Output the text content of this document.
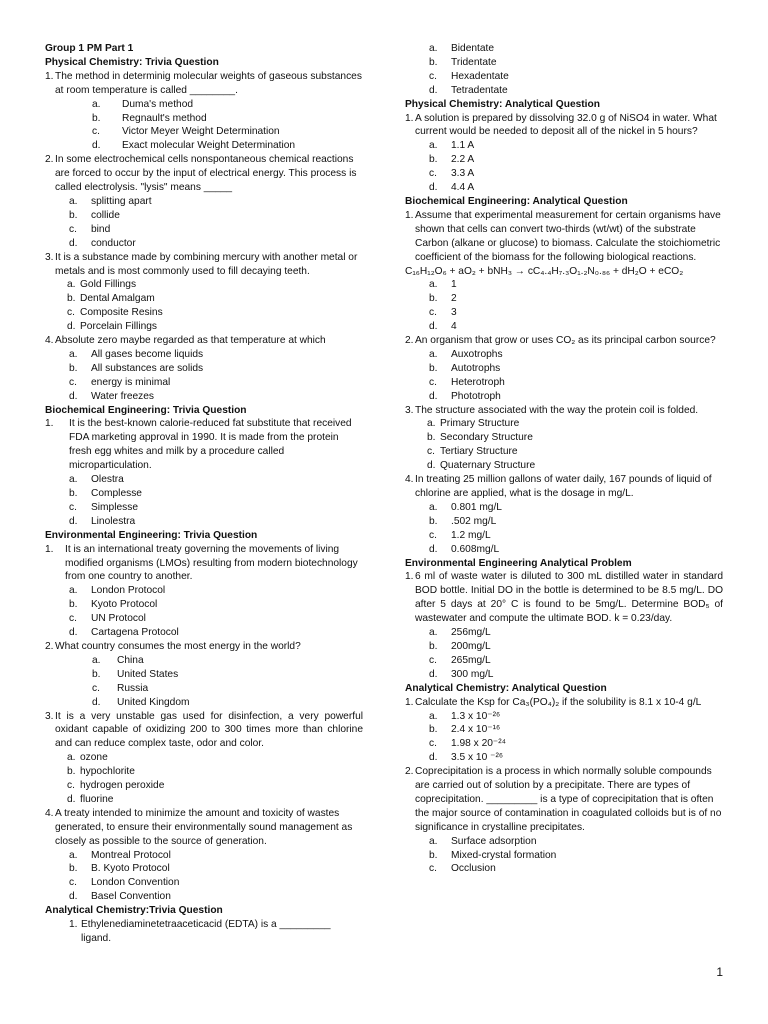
Group 1 PM Part 1
Physical Chemistry: Trivia Question
1. The method in determinig molecular weights of gaseous substances at room temperature is called ________.
a.	Duma's method
b.	Regnault's method
c.	Victor Meyer Weight Determination
d.	Exact molecular Weight Determination
2. In some electrochemical cells nonspontaneous chemical reactions are forced to occur by the input of electrical energy. This process is called electrolysis. "lysis" means _____
a.	splitting apart
b.	collide
c.	bind
d.	conductor
3. It is a substance made by combining mercury with another metal or metals and is most commonly used to fill decaying teeth.
a. Gold Fillings
b. Dental Amalgam
c. Composite Resins
d. Porcelain Fillings
4. Absolute zero maybe regarded as that temperature at which
a.	All gases become liquids
b.	All substances are solids
c.	energy is minimal
d.	Water freezes
Biochemical Engineering: Trivia Question
1.	It is the best-known calorie-reduced fat substitute that received FDA marketing approval in 1990. It is made from the protein fresh egg whites and milk by a procedure called microparticulation.
a.	Olestra
b.	Complesse
c.	Simplesse
d.	Linolestra
Environmental Engineering: Trivia Question
1.	It is an international treaty governing the movements of living modified organisms (LMOs) resulting from modern biotechnology from one country to another.
a.	London Protocol
b.	Kyoto Protocol
c.	UN Protocol
d.	Cartagena Protocol
2. What country consumes the most energy in the world?
a.	China
b.	United States
c.	Russia
d.	United Kingdom
3. It is a very unstable gas used for disinfection, a very powerful oxidant capable of oxidizing 200 to 300 times more than chlorine and can reduce complex taste, odor and color.
a. ozone
b. hypochlorite
c. hydrogen peroxide
d. fluorine
4. A treaty intended to minimize the amount and toxicity of wastes generated, to ensure their environmentally sound management as closely as possible to the source of generation.
a.	Montreal Protocol
b.	B. Kyoto Protocol
c.	London Convention
d.	Basel Convention
Analytical Chemistry:Trivia Question
1. Ethylenediaminetetraaceticacid (EDTA) is a _________ ligand.
a.	Bidentate
b.	Tridentate
c.	Hexadentate
d.	Tetradentate
Physical Chemistry: Analytical Question
1. A solution is prepared by dissolving 32.0 g of NiSO4 in water. What current would be needed to deposit all of the nickel in 5 hours?
a.	1.1 A
b.	2.2 A
c.	3.3 A
d.	4.4 A
Biochemical Engineering: Analytical Question
1. Assume that experimental measurement for certain organisms have shown that cells can convert two-thirds (wt/wt) of the substrate Carbon (alkane or glucose) to biomass. Calculate the stoichiometric coefficient of the biomass for the following biological reactions.
C₁₆H₁₂O₆ + aO₂ + bNH₃ → cC₄.₄H₇.₃O₁.₂N₀.₈₆ + dH₂O + eCO₂
a.	1
b.	2
c.	3
d.	4
2. An organism that grow or uses CO₂ as its principal carbon source?
a.	Auxotrophs
b.	Autotrophs
c.	Heterotroph
d.	Phototroph
3. The structure associated with the way the protein coil is folded.
a. Primary Structure
b. Secondary Structure
c. Tertiary Structure
d. Quaternary Structure
4. In treating 25 million gallons of water daily, 167 pounds of liquid of chlorine are applied, what is the dosage in mg/L.
a.	0.801 mg/L
b.	.502 mg/L
c.	1.2 mg/L
d.	0.608mg/L
Environmental Engineering Analytical Problem
1. 6 ml of waste water is diluted to 300 mL distilled water in standard BOD bottle. Initial DO in the bottle is determined to be 8.5 mg/L. DO after 5 days at 20° C is found to be 5mg/L. Determine BOD₅ of wastewater and compute the ultimate BOD. k = 0.23/day.
a.	256mg/L
b.	200mg/L
c.	265mg/L
d.	300 mg/L
Analytical Chemistry: Analytical Question
1. Calculate the Ksp for Ca₃(PO₄)₂ if the solubility is 8.1 x 10-4 g/L
a.	1.3 x 10⁻²⁶
b.	2.4 x 10⁻¹⁶
c.	1.98 x 20⁻²⁴
d.	3.5 x 10 ⁻²⁶
2. Coprecipitation is a process in which normally soluble compounds are carried out of solution by a precipitate. There are types of coprecipitation. _________ is a type of coprecipitation that is often the major source of contamination in coagulated colloids but is of no significance in crystalline precipitates.
a.	Surface adsorption
b.	Mixed-crystal formation
c.	Occlusion
1
